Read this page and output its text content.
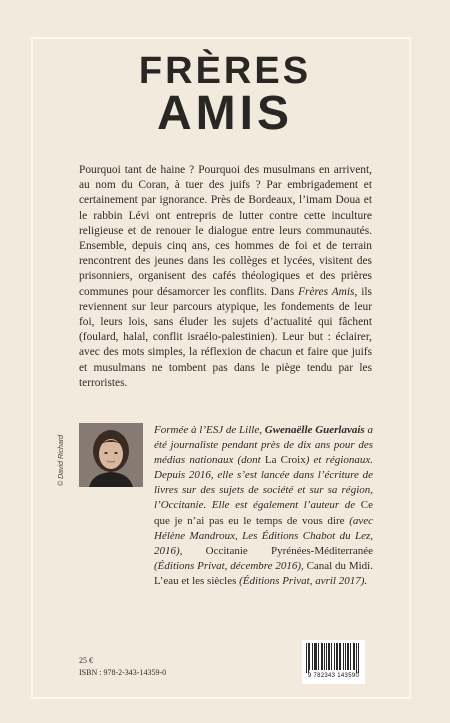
FRÈRES
AMIS

Pourquoi tant de haine ? Pourquoi des musulmans en arrivent, au nom du Coran, à tuer des juifs ? Par embrigadement et certainement par ignorance. Près de Bordeaux, l’imam Doua et le rabbin Lévi ont entrepris de lutter contre cette inculture religieuse et de renouer le dialogue entre leurs communautés. Ensemble, depuis cinq ans, ces hommes de foi et de terrain rencontrent des jeunes dans les collèges et lycées, visitent des prisonniers, organisent des cafés théologiques et des prières communes pour désamorcer les conflits. Dans Frères Amis, ils reviennent sur leur parcours atypique, les fondements de leur foi, leurs lois, sans éluder les sujets d’actualité qui fâchent (foulard, halal, conflit israélo-palestinien). Leur but : éclairer, avec des mots simples, la réflexion de chacun et faire que juifs et musulmans ne tombent pas dans le piège tendu par les terroristes.

© David Richard

Formée à l’ESJ de Lille, Gwenaëlle Guerlavais a été journaliste pendant près de dix ans pour des médias nationaux (dont La Croix) et régionaux. Depuis 2016, elle s’est lancée dans l’écriture de livres sur des sujets de société et sur sa région, l’Occitanie. Elle est également l’auteur de Ce que je n’ai pas eu le temps de vous dire (avec Hélène Mandroux, Les Éditions Chabot du Lez, 2016), Occitanie Pyrénées-Méditerranée (Éditions Privat, décembre 2016), Canal du Midi. L’eau et les siècles (Éditions Privat, avril 2017).

25 €
ISBN : 978-2-343-14359-0	9 782343 143590
